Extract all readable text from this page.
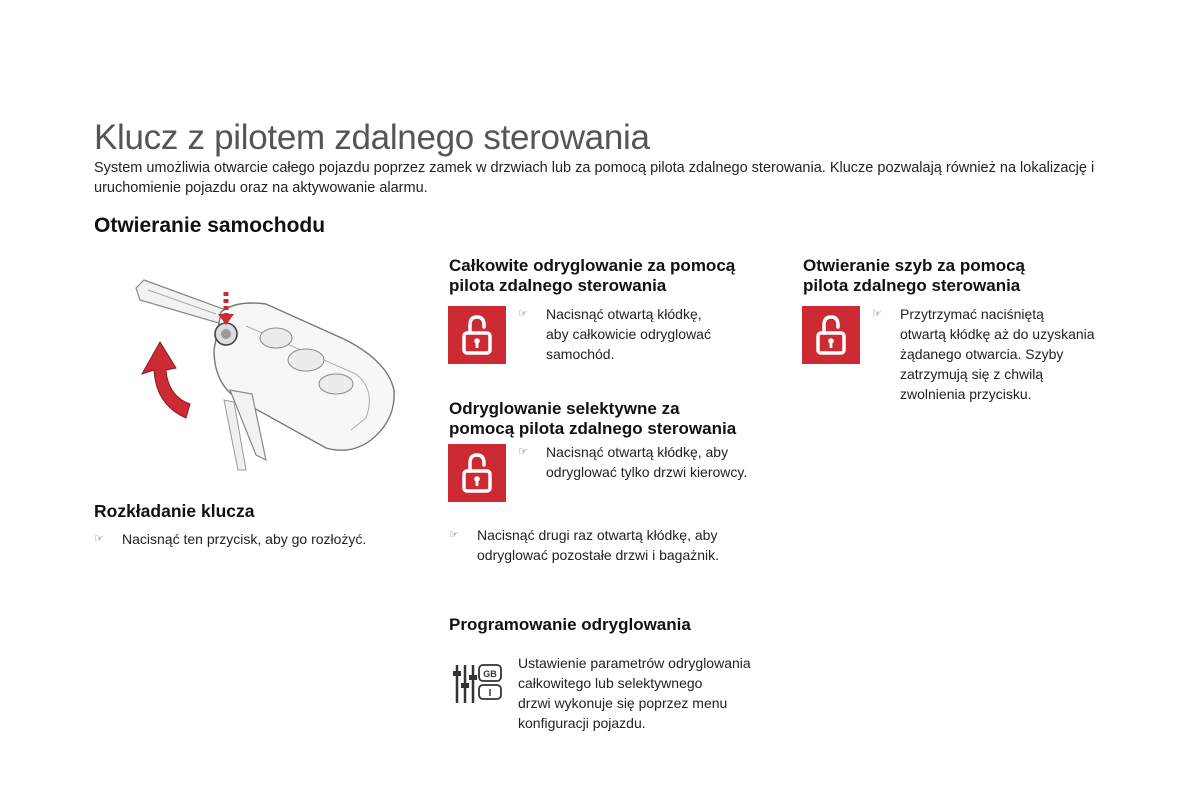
Klucz z pilotem zdalnego sterowania
System umożliwia otwarcie całego pojazdu poprzez zamek w drzwiach lub za pomocą pilota zdalnego sterowania. Klucze pozwalają również na lokalizację i uruchomienie pojazdu oraz na aktywowanie alarmu.
Otwieranie samochodu
Rozkładanie klucza
☞ Nacisnąć ten przycisk, aby go rozłożyć.
Całkowite odryglowanie za pomocą
pilota zdalnego sterowania
☞ Nacisnąć otwartą kłódkę,
aby całkowicie odryglować
samochód.
Odryglowanie selektywne za
pomocą pilota zdalnego sterowania
☞ Nacisnąć otwartą kłódkę, aby
odryglować tylko drzwi kierowcy.
☞ Nacisnąć drugi raz otwartą kłódkę, aby
odryglować pozostałe drzwi i bagażnik.
Programowanie odryglowania
GB
I
Ustawienie parametrów odryglowania
całkowitego lub selektywnego
drzwi wykonuje się poprzez menu
konfiguracji pojazdu.
Otwieranie szyb za pomocą
pilota zdalnego sterowania
☞ Przytrzymać naciśniętą
otwartą kłódkę aż do uzyskania
żądanego otwarcia. Szyby
zatrzymują się z chwilą
zwolnienia przycisku.
